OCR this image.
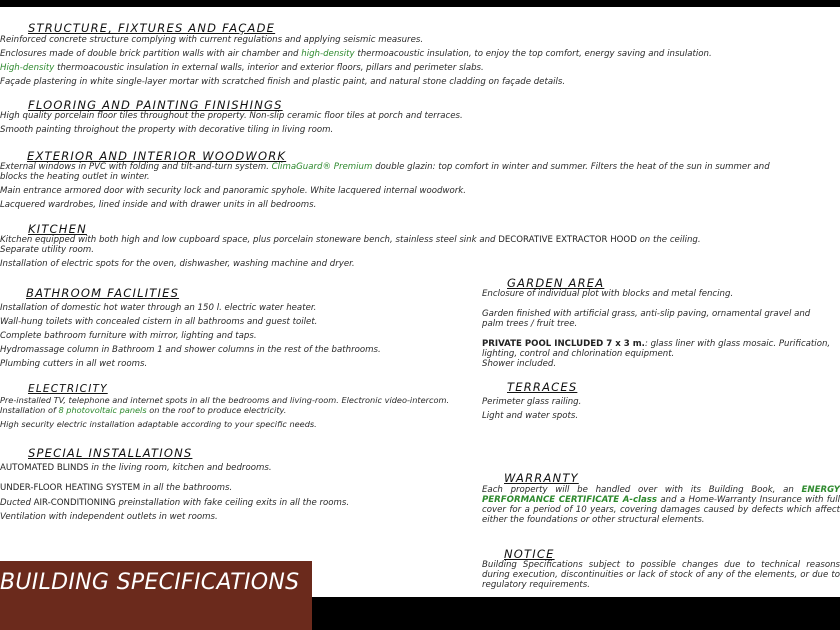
STRUCTURE, FIXTURES AND FAÇADE
Reinforced concrete structure complying with current regulations and applying seismic measures.
Enclosures made of double brick partition walls with air chamber and high-density thermoacoustic insulation, to enjoy the top comfort, energy saving and insulation.
High-density thermoacoustic insulation in external walls, interior and exterior floors, pillars and perimeter slabs.
Façade plastering in white single-layer mortar with scratched finish and plastic paint, and natural stone cladding on façade details.
FLOORING AND PAINTING FINISHINGS
High quality porcelain floor tiles throughout the property. Non-slip ceramic floor tiles at porch and terraces.
Smooth painting throighout the property with decorative tiling in living room.
EXTERIOR AND INTERIOR WOODWORK
External windows in PVC with folding and tilt-and-turn system. ClimaGuard® Premium double glazin: top comfort in winter and summer. Filters the heat of the sun in summer and
blocks the heating outlet in winter.
Main entrance armored door with security lock and panoramic spyhole. White lacquered internal woodwork.
Lacquered wardrobes, lined inside and with drawer units in all bedrooms.
KITCHEN
Kitchen equipped with both high and low cupboard space, plus porcelain stoneware bench, stainless steel sink and DECORATIVE EXTRACTOR HOOD on the ceiling.
Separate utility room.
Installation of electric spots for the oven, dishwasher, washing machine and dryer.
BATHROOM FACILITIES
Installation of domestic hot water through an 150 l. electric water heater.
Wall-hung toilets with concealed cistern in all bathrooms and guest toilet.
Complete bathroom furniture with mirror, lighting and taps.
Hydromassage column in Bathroom 1 and shower columns in the rest of the bathrooms.
Plumbing cutters in all wet rooms.
ELECTRICITY
Pre-installed TV, telephone and internet spots in all the bedrooms and living-room. Electronic video-intercom.
Installation of 8 photovoltaic panels on the roof to produce electricity.
High security electric installation adaptable according to your specific needs.
SPECIAL INSTALLATIONS
AUTOMATED BLINDS in the living room, kitchen and bedrooms.
UNDER-FLOOR HEATING SYSTEM in all the bathrooms.
Ducted AIR-CONDITIONING preinstallation with fake ceiling exits in all the rooms.
Ventilation with independent outlets in wet rooms.
GARDEN AREA
Enclosure of individual plot with blocks and metal fencing.
Garden finished with artificial grass, anti-slip paving, ornamental gravel and
palm trees / fruit tree.
PRIVATE POOL INCLUDED 7 x 3 m.: glass liner with glass mosaic. Purification,
lighting, control and chlorination equipment.
Shower included.
TERRACES
Perimeter glass railing.
Light and water spots.
WARRANTY
Each property will be handled over with its Building Book, an ENERGY PERFORMANCE CERTIFICATE A-class and a Home-Warranty Insurance with full cover for a period of 10 years, covering damages caused by defects which affect either the foundations or other structural elements.
NOTICE
Building Specifications subject to possible changes due to technical reasons during execution, discontinuities or lack of stock of any of the elements, or due to regulatory requirements.
BUILDING SPECIFICATIONS
